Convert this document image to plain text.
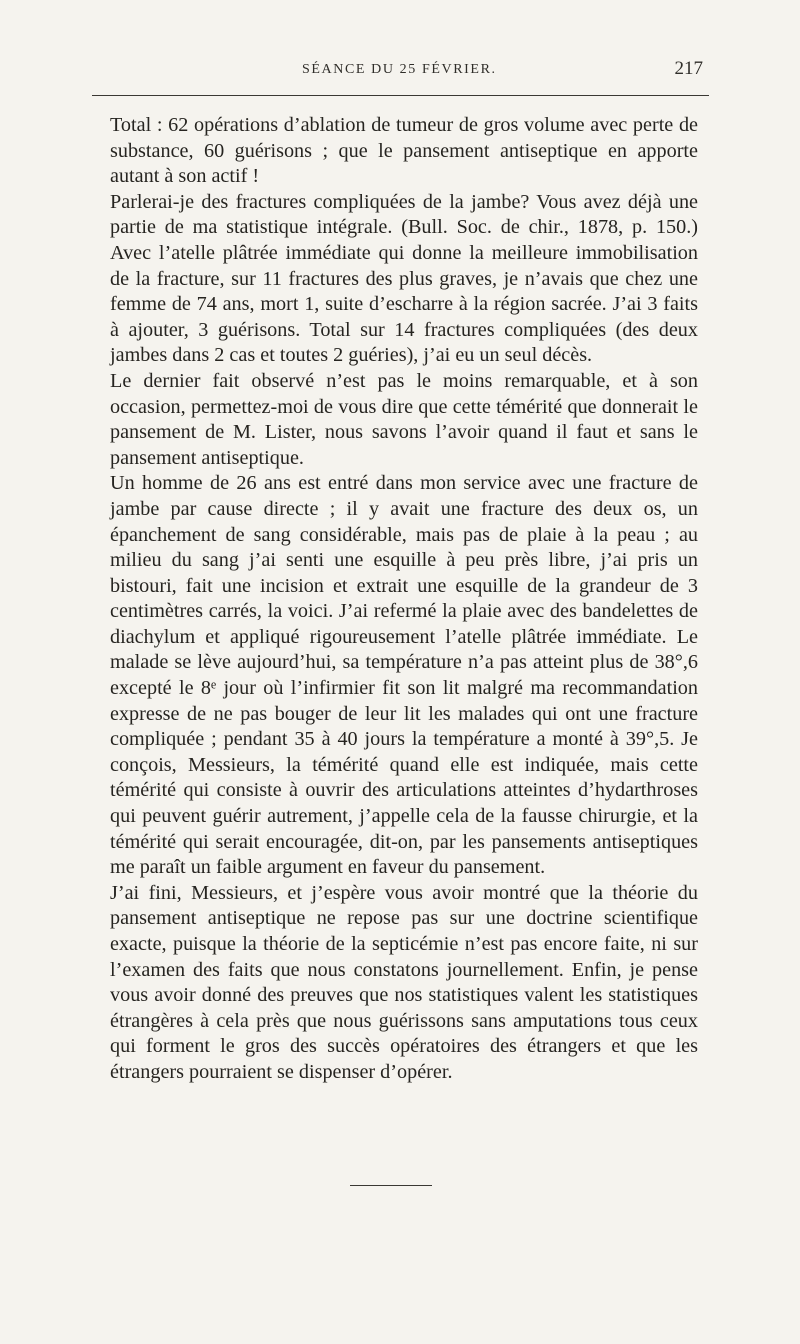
SÉANCE DU 25 FÉVRIER.	217

Total : 62 opérations d’ablation de tumeur de gros volume avec perte de substance, 60 guérisons ; que le pansement antiseptique en apporte autant à son actif !

Parlerai-je des fractures compliquées de la jambe? Vous avez déjà une partie de ma statistique intégrale. (Bull. Soc. de chir., 1878, p. 150.) Avec l’atelle plâtrée immédiate qui donne la meilleure immobilisation de la fracture, sur 11 fractures des plus graves, je n’avais que chez une femme de 74 ans, mort 1, suite d’escharre à la région sacrée. J’ai 3 faits à ajouter, 3 guérisons. Total sur 14 fractures compliquées (des deux jambes dans 2 cas et toutes 2 guéries), j’ai eu un seul décès.

Le dernier fait observé n’est pas le moins remarquable, et à son occasion, permettez-moi de vous dire que cette témérité que donnerait le pansement de M. Lister, nous savons l’avoir quand il faut et sans le pansement antiseptique.

Un homme de 26 ans est entré dans mon service avec une fracture de jambe par cause directe ; il y avait une fracture des deux os, un épanchement de sang considérable, mais pas de plaie à la peau ; au milieu du sang j’ai senti une esquille à peu près libre, j’ai pris un bistouri, fait une incision et extrait une esquille de la grandeur de 3 centimètres carrés, la voici. J’ai refermé la plaie avec des bandelettes de diachylum et appliqué rigoureusement l’atelle plâtrée immédiate. Le malade se lève aujourd’hui, sa température n’a pas atteint plus de 38°,6 excepté le 8ᵉ jour où l’infirmier fit son lit malgré ma recommandation expresse de ne pas bouger de leur lit les malades qui ont une fracture compliquée ; pendant 35 à 40 jours la température a monté à 39°,5. Je conçois, Messieurs, la témérité quand elle est indiquée, mais cette témérité qui consiste à ouvrir des articulations atteintes d’hydarthroses qui peuvent guérir autrement, j’appelle cela de la fausse chirurgie, et la témérité qui serait encouragée, dit-on, par les pansements antiseptiques me paraît un faible argument en faveur du pansement.

J’ai fini, Messieurs, et j’espère vous avoir montré que la théorie du pansement antiseptique ne repose pas sur une doctrine scientifique exacte, puisque la théorie de la septicémie n’est pas encore faite, ni sur l’examen des faits que nous constatons journellement. Enfin, je pense vous avoir donné des preuves que nos statistiques valent les statistiques étrangères à cela près que nous guérissons sans amputations tous ceux qui forment le gros des succès opératoires des étrangers et que les étrangers pourraient se dispenser d’opérer.
